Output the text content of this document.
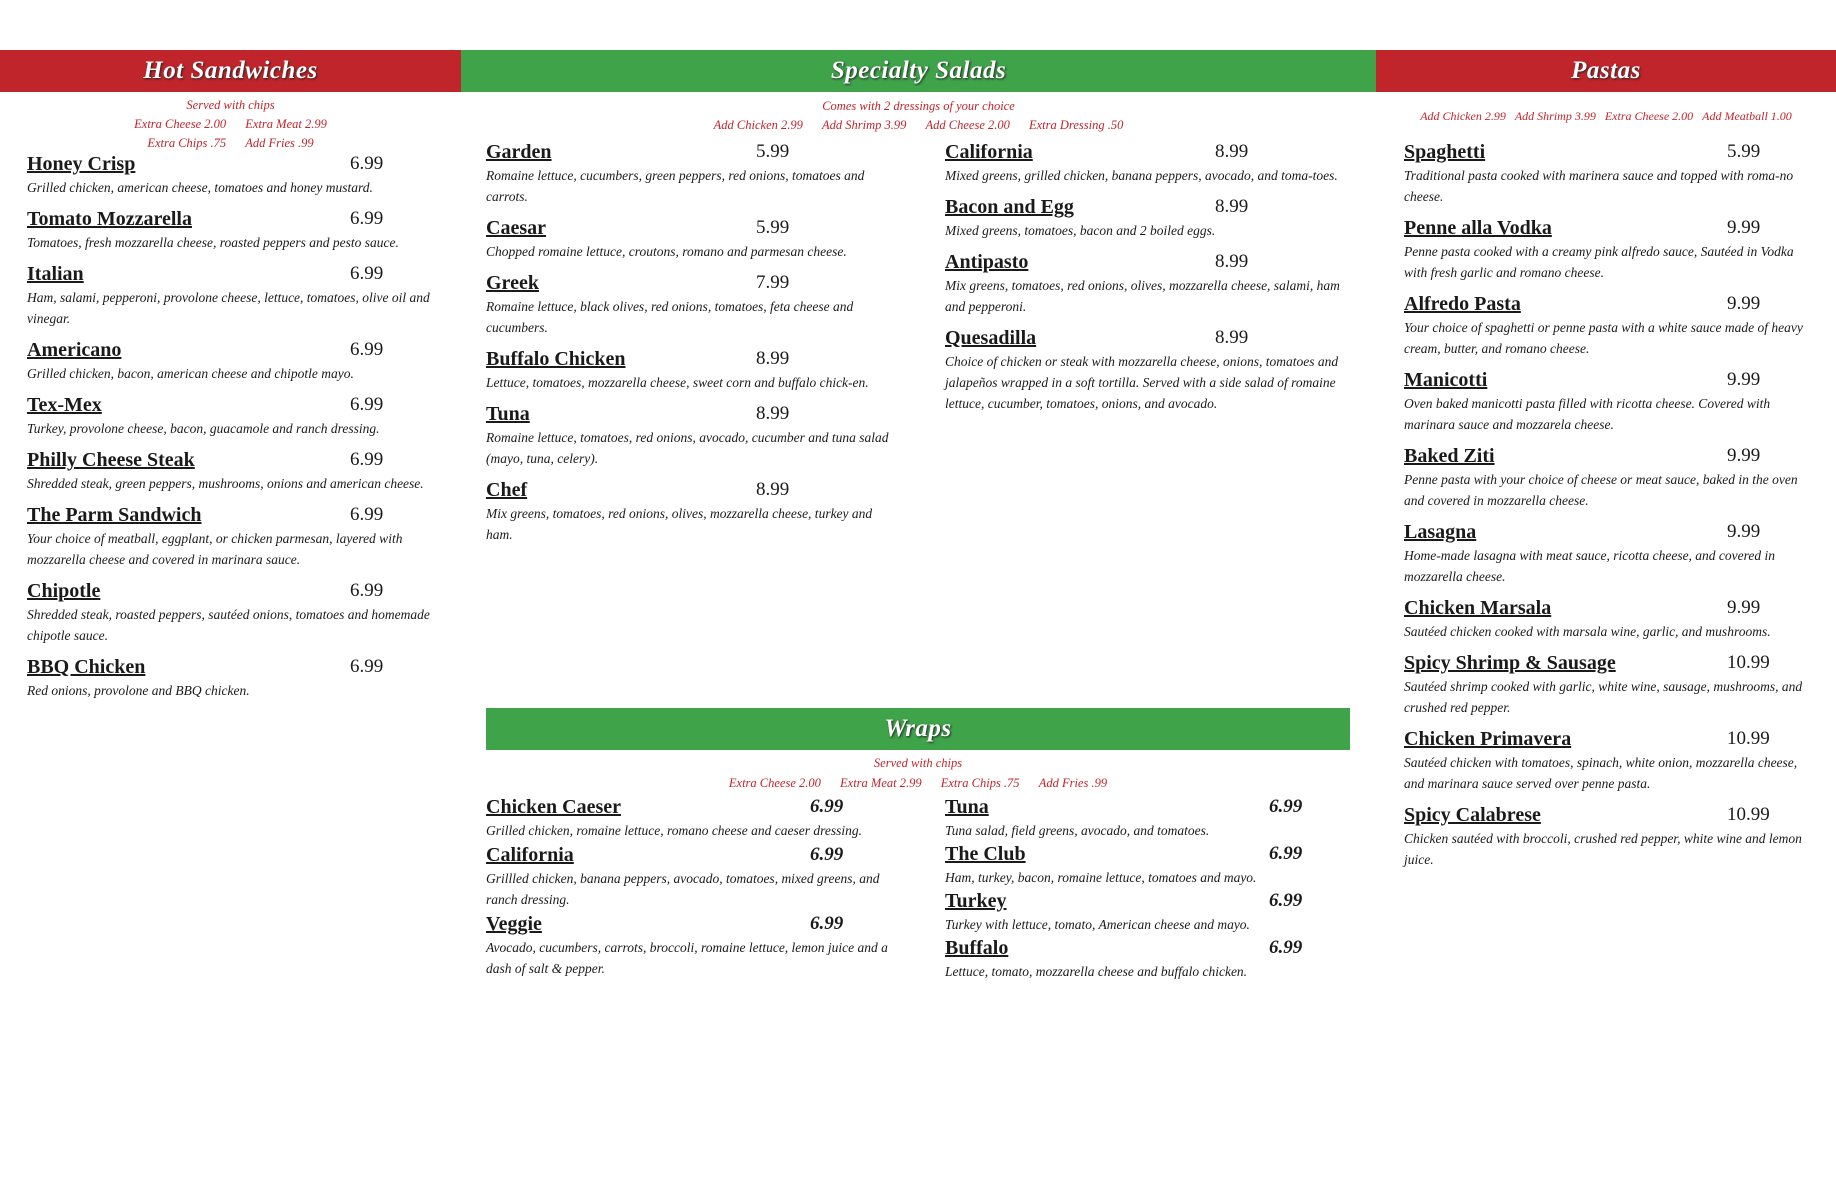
Hot Sandwiches	Specialty Salads	Pastas
Served with chips
Extra Cheese 2.00 Extra Meat 2.99
Extra Chips .75 Add Fries .99
Comes with 2 dressings of your choice
Add Chicken 2.99 Add Shrimp 3.99 Add Cheese 2.00 Extra Dressing .50
Add Chicken 2.99 Add Shrimp 3.99 Extra Cheese 2.00 Add Meatball 1.00
Wraps
Served with chips
Extra Cheese 2.00 Extra Meat 2.99 Extra Chips .75 Add Fries .99
Honey Crisp	6.99
Grilled chicken, american cheese, tomatoes and honey mustard.
Tomato Mozzarella	6.99
Tomatoes, fresh mozzarella cheese, roasted peppers and pesto sauce.
Italian	6.99
Ham, salami, pepperoni, provolone cheese, lettuce, tomatoes, olive oil and vinegar.
Americano	6.99
Grilled chicken, bacon, american cheese and chipotle mayo.
Tex-Mex	6.99
Turkey, provolone cheese, bacon, guacamole and ranch dressing.
Philly Cheese Steak	6.99
Shredded steak, green peppers, mushrooms, onions and american cheese.
The Parm Sandwich	6.99
Your choice of meatball, eggplant, or chicken parmesan, layered with mozzarella cheese and covered in marinara sauce.
Chipotle	6.99
Shredded steak, roasted peppers, sautéed onions, tomatoes and homemade chipotle sauce.
BBQ Chicken	6.99
Red onions, provolone and BBQ chicken.
Garden	5.99
Romaine lettuce, cucumbers, green peppers, red onions, tomatoes and carrots.
Caesar	5.99
Chopped romaine lettuce, croutons, romano and parmesan cheese.
Greek	7.99
Romaine lettuce, black olives, red onions, tomatoes, feta cheese and cucumbers.
Buffalo Chicken	8.99
Lettuce, tomatoes, mozzarella cheese, sweet corn and buffalo chick-en.
Tuna	8.99
Romaine lettuce, tomatoes, red onions, avocado, cucumber and tuna salad (mayo, tuna, celery).
Chef	8.99
Mix greens, tomatoes, red onions, olives, mozzarella cheese, turkey and ham.
California	8.99
Mixed greens, grilled chicken, banana peppers, avocado, and toma-toes.
Bacon and Egg	8.99
Mixed greens, tomatoes, bacon and 2 boiled eggs.
Antipasto	8.99
Mix greens, tomatoes, red onions, olives, mozzarella cheese, salami, ham and pepperoni.
Quesadilla	8.99
Choice of chicken or steak with mozzarella cheese, onions, tomatoes and jalapeños wrapped in a soft tortilla. Served with a side salad of romaine lettuce, cucumber, tomatoes, onions, and avocado.
Chicken Caeser	6.99
Grilled chicken, romaine lettuce, romano cheese and caeser dressing.
California	6.99
Grillled chicken, banana peppers, avocado, tomatoes, mixed greens, and ranch dressing.
Veggie	6.99
Avocado, cucumbers, carrots, broccoli, romaine lettuce, lemon juice and a dash of salt & pepper.
Tuna	6.99
Tuna salad, field greens, avocado, and tomatoes.
The Club	6.99
Ham, turkey, bacon, romaine lettuce, tomatoes and mayo.
Turkey	6.99
Turkey with lettuce, tomato, American cheese and mayo.
Buffalo	6.99
Lettuce, tomato, mozzarella cheese and buffalo chicken.
Spaghetti	5.99
Traditional pasta cooked with marinera sauce and topped with roma-no cheese.
Penne alla Vodka	9.99
Penne pasta cooked with a creamy pink alfredo sauce, Sautéed in Vodka with fresh garlic and romano cheese.
Alfredo Pasta	9.99
Your choice of spaghetti or penne pasta with a white sauce made of heavy cream, butter, and romano cheese.
Manicotti	9.99
Oven baked manicotti pasta filled with ricotta cheese. Covered with marinara sauce and mozzarela cheese.
Baked Ziti	9.99
Penne pasta with your choice of cheese or meat sauce, baked in the oven and covered in mozzarella cheese.
Lasagna	9.99
Home-made lasagna with meat sauce, ricotta cheese, and covered in mozzarella cheese.
Chicken Marsala	9.99
Sautéed chicken cooked with marsala wine, garlic, and mushrooms.
Spicy Shrimp & Sausage	10.99
Sautéed shrimp cooked with garlic, white wine, sausage, mushrooms, and crushed red pepper.
Chicken Primavera	10.99
Sautéed chicken with tomatoes, spinach, white onion, mozzarella cheese, and marinara sauce served over penne pasta.
Spicy Calabrese	10.99
Chicken sautéed with broccoli, crushed red pepper, white wine and lemon juice.
